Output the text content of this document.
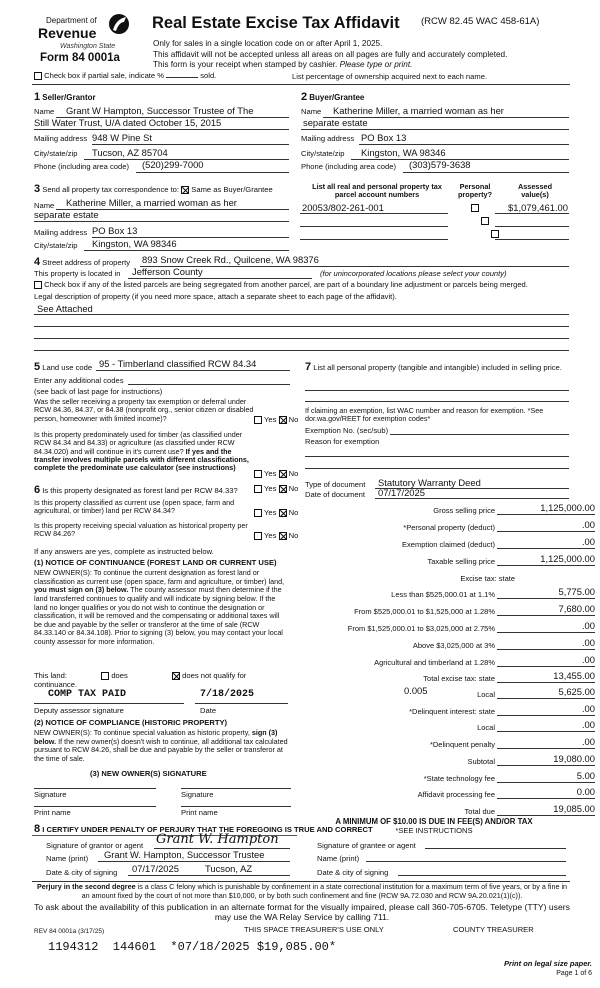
Department of
Revenue
Washington State
Form 84 0001a
Real Estate Excise Tax Affidavit (RCW 82.45 WAC 458-61A)
Only for sales in a single location code on or after April 1, 2025.
This affidavit will not be accepted unless all areas on all pages are fully and accurately completed.
This form is your receipt when stamped by cashier. Please type or print.
Check box if partial sale, indicate %	sold.	List percentage of ownership acquired next to each name.
1 Seller/Grantor
Name Grant W Hampton, Successor Trustee of The
Still Water Trust, U/A dated October 15, 2015
Mailing address 948 W Pine St
City/state/zip Tucson, AZ 85704
Phone (including area code) (520)299-7000
2 Buyer/Grantee
Name Katherine Miller, a married woman as her
separate estate
Mailing address PO Box 13
City/state/zip Kingston, WA 98346
Phone (including area code) (303)579-3638
3 Send all property tax correspondence to: Same as Buyer/Grantee
Name Katherine Miller, a married woman as her
separate estate
Mailing address PO Box 13
City/state/zip Kingston, WA 98346
List all real and personal property tax
parcel account numbers
Personal
property?
Assessed
value(s)
20053/802-261-001
	$1,079,461.00
4 Street address of property 893 Snow Creek Rd., Quilcene, WA 98376
This property is located in Jefferson County	(for unincorporated locations please select your county)
Check box if any of the listed parcels are being segregated from another parcel, are part of a boundary line adjustment or parcels being merged.
Legal description of property (if you need more space, attach a separate sheet to each page of the affidavit).
See Attached
5 Land use code 95 - Timberland classified RCW 84.34
Enter any additional codes
(see back of last page for instructions)
Was the seller receiving a property tax exemption or deferral under RCW 84.36, 84.37, or 84.38 (nonprofit org., senior citizen or disabled person, homeowner with limited income)?	Yes No
Is this property predominately used for timber (as classified under RCW 84.34 and 84.33) or agriculture (as classified under RCW 84.34.020) and will continue in it's current use? If yes and the transfer involves multiple parcels with different classifications, complete the predominate use calculator (see instructions)
Yes No
6 Is this property designated as forest land per RCW 84.33?	Yes No
Is this property classified as current use (open space, farm and agricultural, or timber) land per RCW 84.34?	Yes No
Is this property receiving special valuation as historical property per RCW 84.26?	Yes No
If any answers are yes, complete as instructed below.
(1) NOTICE OF CONTINUANCE (FOREST LAND OR CURRENT USE)
NEW OWNER(S): To continue the current designation as forest land or classification as current use (open space, farm and agriculture, or timber) land, you must sign on (3) below. The county assessor must then determine if the land transferred continues to qualify and will indicate by signing below. If the land no longer qualifies or you do not wish to continue the designation or classification, it will be removed and the compensating or additional taxes will be due and payable by the seller or transferor at the time of sale (RCW 84.33.140 or 84.34.108). Prior to signing (3) below, you may contact your local county assessor for more information.
This land:	does	does not qualify for
continuance.
COMP TAX PAID	7/18/2025
Deputy assessor signature	Date
(2) NOTICE OF COMPLIANCE (HISTORIC PROPERTY)
NEW OWNER(S): To continue special valuation as historic property, sign (3) below. If the new owner(s) doesn't wish to continue, all additional tax calculated pursuant to RCW 84.26, shall be due and payable by the seller or transferor at the time of sale.
(3) NEW OWNER(S) SIGNATURE
Signature	Signature
Print name	Print name
7 List all personal property (tangible and intangible) included in selling price.
If claiming an exemption, list WAC number and reason for exemption. *See dor.wa.gov/REET for exemption codes*
Exemption No. (sec/sub)
Reason for exemption
Type of document Statutory Warranty Deed
Date of document 07/17/2025
Gross selling price	1,125,000.00
*Personal property (deduct)	.00
Exemption claimed (deduct)	.00
Taxable selling price	1,125,000.00
Excise tax: state
Less than $525,000.01 at 1.1%	5,775.00
From $525,000.01 to $1,525,000 at 1.28%	7,680.00
From $1,525,000.01 to $3,025,000 at 2.75%	.00
Above $3,025,000 at 3%	.00
Agricultural and timberland at 1.28%	.00
Total excise tax: state	13,455.00
0.005	Local	5,625.00
*Delinquent interest: state	.00
Local	.00
*Delinquent penalty	.00
Subtotal	19,080.00
*State technology fee	5.00
Affidavit processing fee	0.00
Total due	19,085.00
A MINIMUM OF $10.00 IS DUE IN FEE(S) AND/OR TAX
*SEE INSTRUCTIONS
8 I CERTIFY UNDER PENALTY OF PERJURY THAT THE FOREGOING IS TRUE AND CORRECT
Signature of grantor or agent Grant W. Hampton
Name (print) Grant W. Hampton, Successor Trustee
Date & city of signing 07/17/2025	Tucson, AZ
Signature of grantee or agent
Name (print)
Date & city of signing
Perjury in the second degree is a class C felony which is punishable by confinement in a state correctional institution for a maximum term of five years, or by a fine in an amount fixed by the court of not more than $10,000, or by both such confinement and fine (RCW 9A.72.030 and RCW 9A.20.021(1)(c)).
To ask about the availability of this publication in an alternate format for the visually impaired, please call 360-705-6705. Teletype (TTY) users may use the WA Relay Service by calling 711.
REV 84 0001a (3/17/25)	THIS SPACE TREASURER'S USE ONLY	COUNTY TREASURER
1194312  144601  *07/18/2025 $19,085.00*
Print on legal size paper.
Page 1 of 6
